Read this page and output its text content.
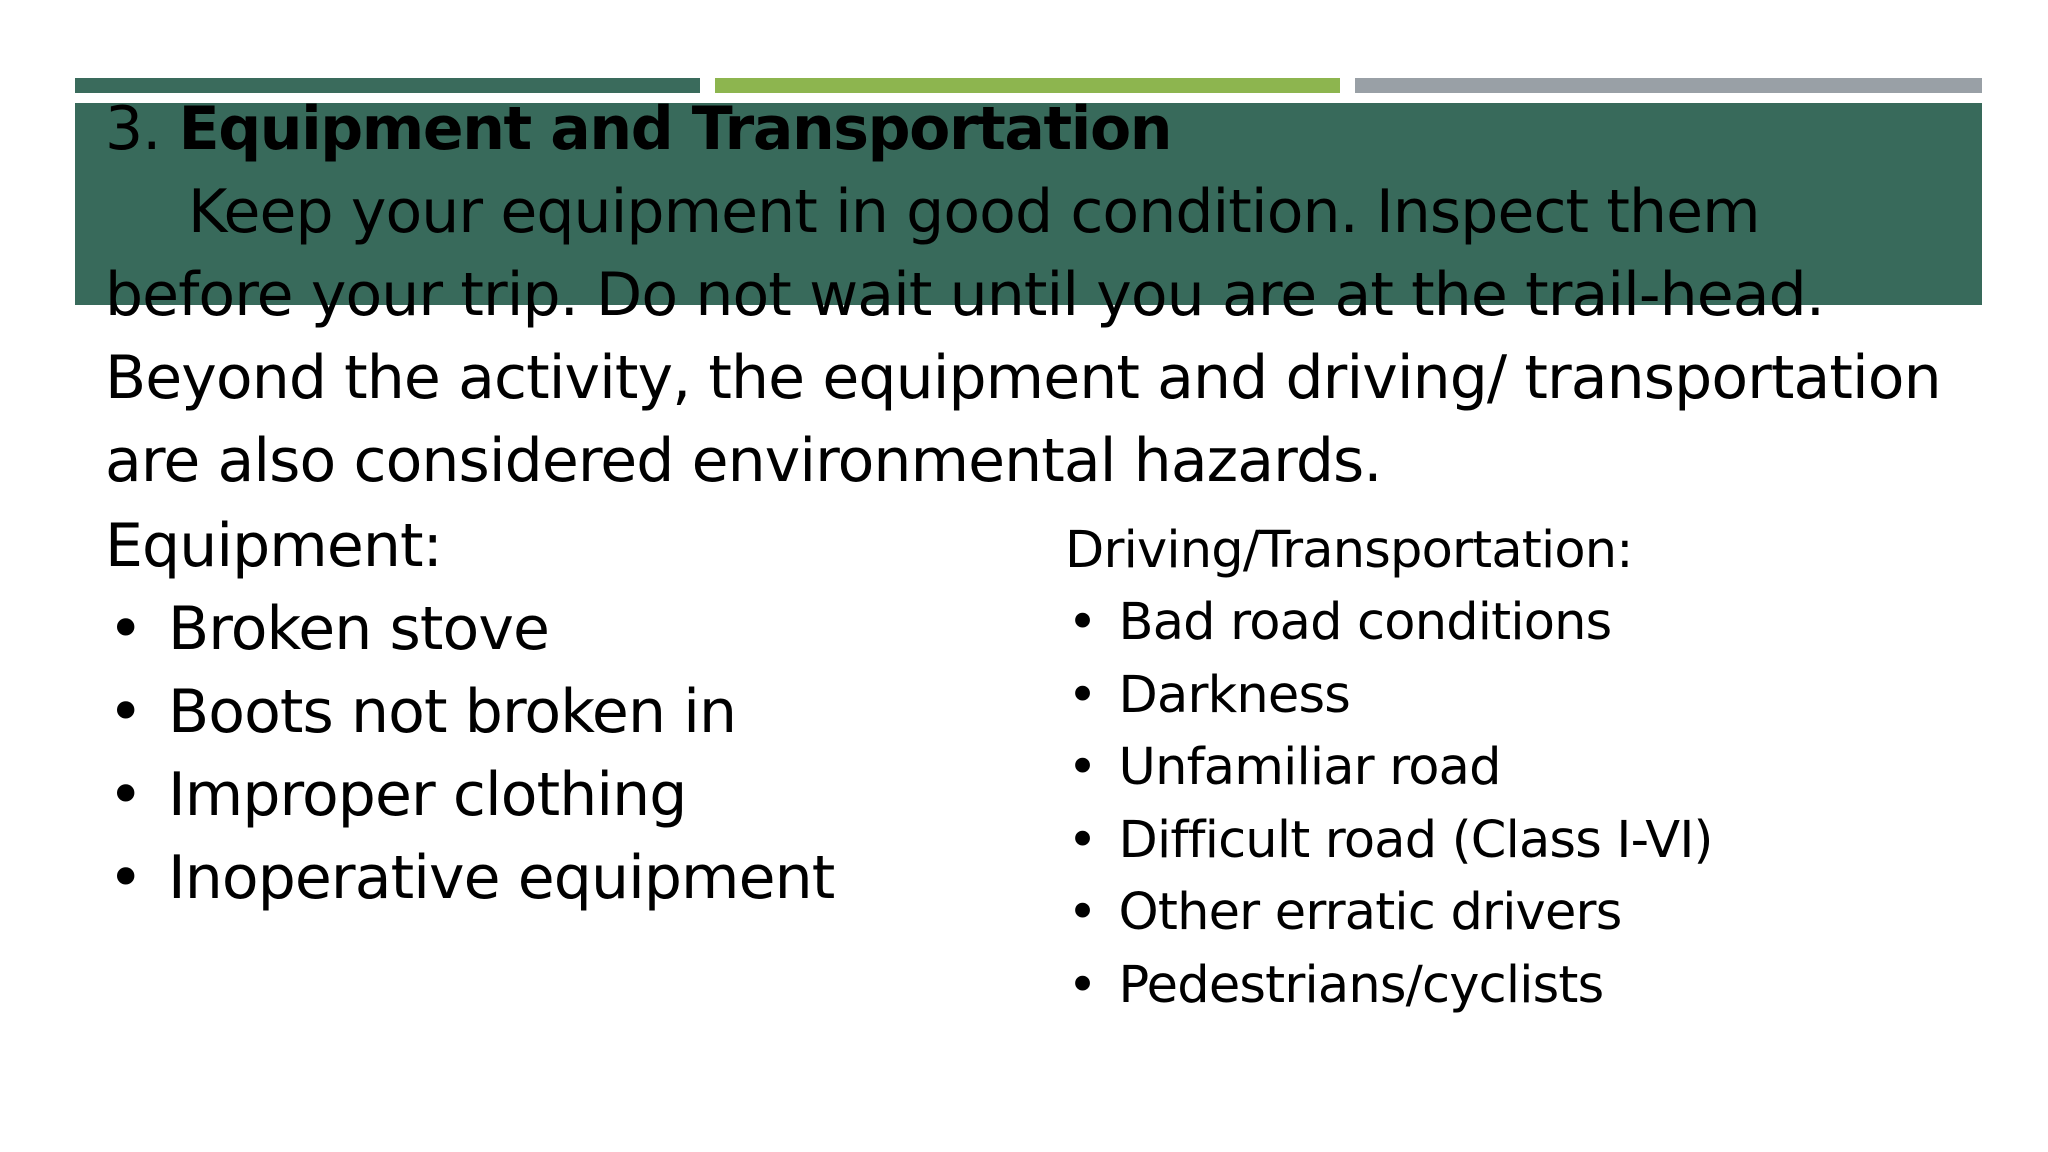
3. Equipment and Transportation
Keep your equipment in good condition. Inspect them
before your trip. Do not wait until you are at the trail-head.
Beyond the activity, the equipment and driving/ transportation
are also considered environmental hazards.
Equipment:
• Broken stove
• Boots not broken in
• Improper clothing
• Inoperative equipment
Driving/Transportation:
• Bad road conditions
• Darkness
• Unfamiliar road
• Difficult road (Class I-VI)
• Other erratic drivers
• Pedestrians/cyclists
